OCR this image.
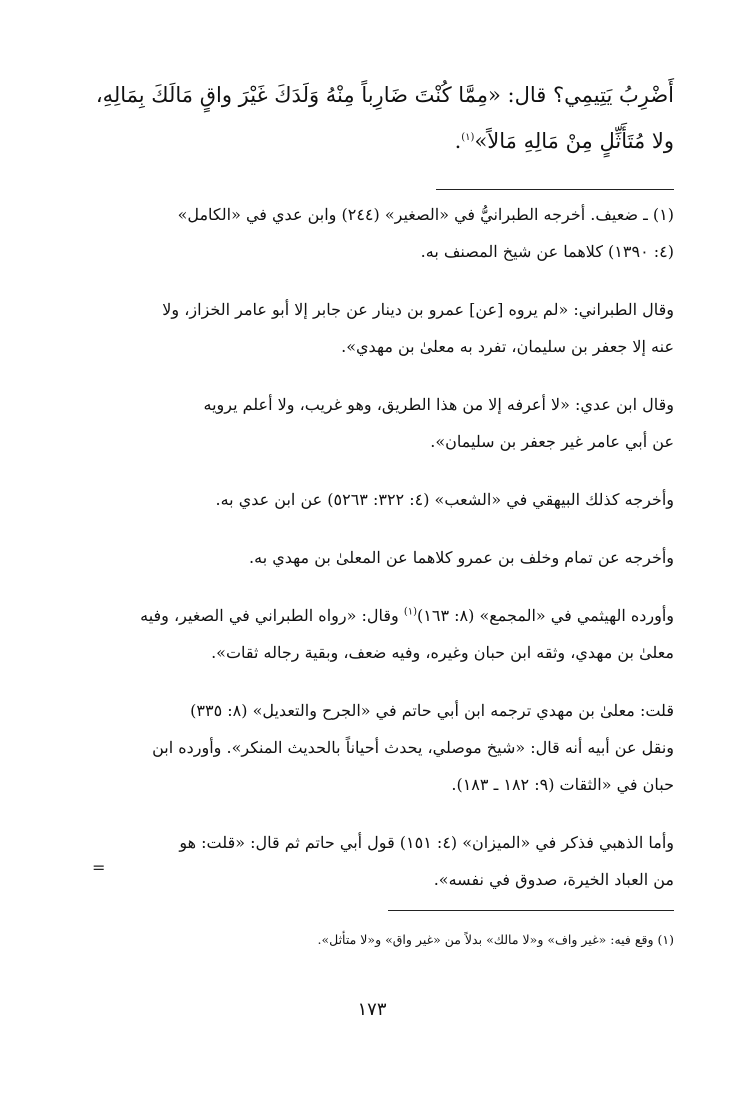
أَضْرِبُ يَتِيمِي؟ قال: «مِمَّا كُنْتَ ضَارِباً مِنْهُ وَلَدَكَ غَيْرَ واقٍ مَالَكَ بِمَالِهِ،
ولا مُتَأَثِّلٍ مِنْ مَالِهِ مَالاً»$^{(١)}$.
(١) ـ ضعيف. أخرجه الطبرانيُّ في «الصغير» (٢٤٤) وابن عدي في «الكامل»
(٤: ١٣٩٠) كلاهما عن شيخ المصنف به.
وقال الطبراني: «لم يروه [عن] عمرو بن دينار عن جابر إلا أبو عامر الخزاز، ولا
عنه إلا جعفر بن سليمان، تفرد به معلىٰ بن مهدي».
وقال ابن عدي: «لا أعرفه إلا من هذا الطريق، وهو غريب، ولا أعلم يرويه
عن أبي عامر غير جعفر بن سليمان».
وأخرجه كذلك البيهقي في «الشعب» (٤: ٣٢٢: ٥٢٦٣) عن ابن عدي به.
وأخرجه عن تمام وخلف بن عمرو كلاهما عن المعلىٰ بن مهدي به.
وأورده الهيثمي في «المجمع» (٨: ١٦٣)$^{(١)}$ وقال: «رواه الطبراني في الصغير، وفيه
معلىٰ بن مهدي، وثقه ابن حبان وغيره، وفيه ضعف، وبقية رجاله ثقات».
قلت: معلىٰ بن مهدي ترجمه ابن أبي حاتم في «الجرح والتعديل» (٨: ٣٣٥)
ونقل عن أبيه أنه قال: «شيخ موصلي، يحدث أحياناً بالحديث المنكر». وأورده ابن
حبان في «الثقات (٩: ١٨٢ ـ ١٨٣).
وأما الذهبي فذكر في «الميزان» (٤: ١٥١) قول أبي حاتم ثم قال: «قلت: هو
من العباد الخيرة، صدوق في نفسه».
=
(١) وقع فيه: «غير واف» و«لا مالك» بدلاً من «غير واق» و«لا متأثل».
١٧٣
